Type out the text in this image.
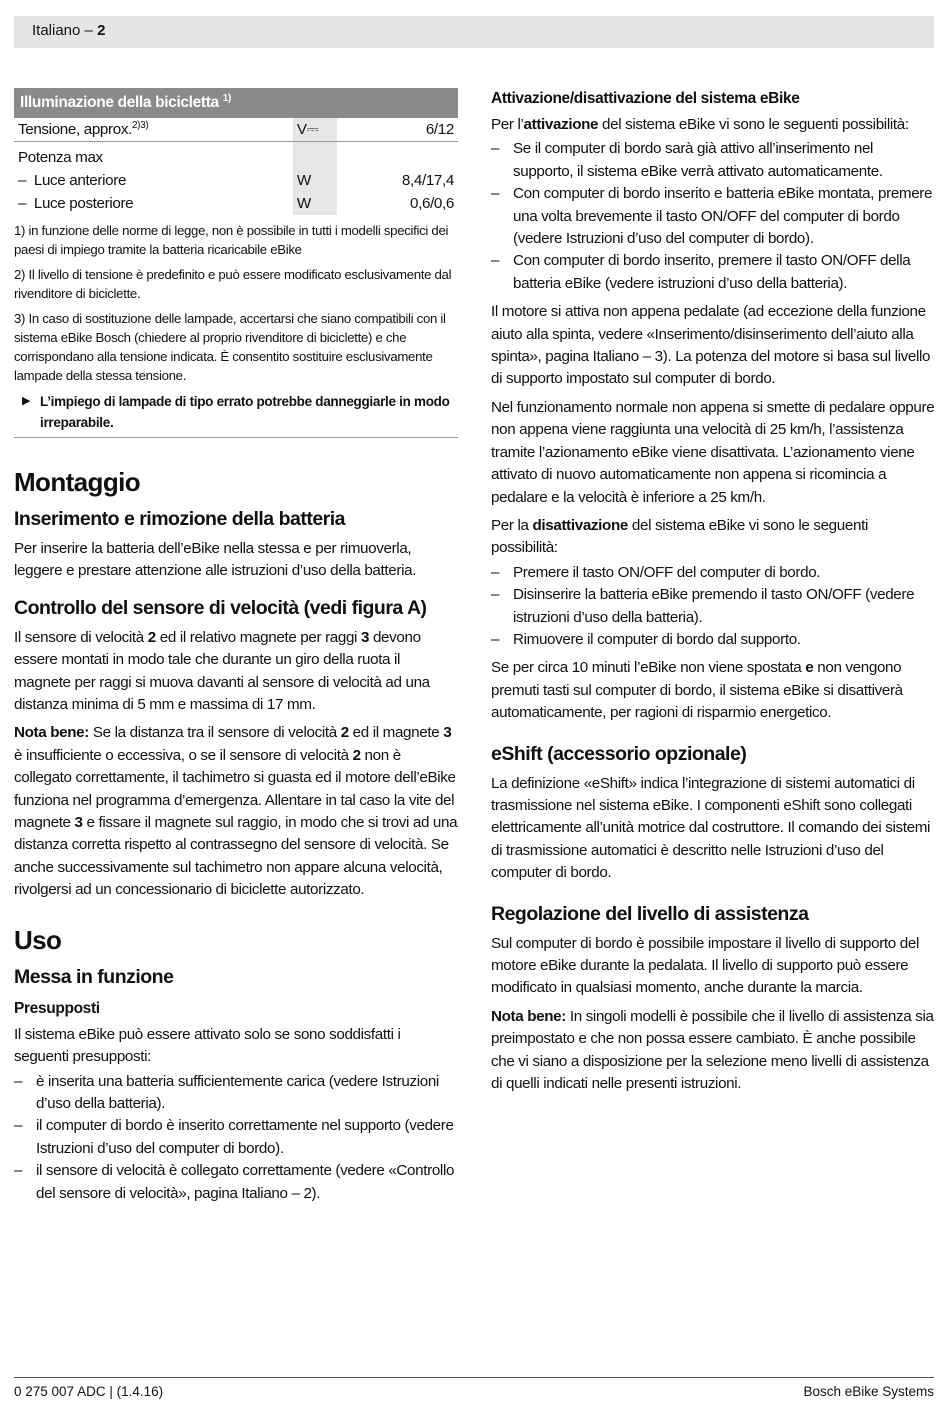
Italiano – 2
Illuminazione della bicicletta $^{1)}$
Tensione, approx.$^{2)3)}$	V⎓	6/12
Potenza max		
–  Luce anteriore	W	8,4/17,4
–  Luce posteriore	W	0,6/0,6
1) in funzione delle norme di legge, non è possibile in tutti i modelli specifici dei paesi di impiego tramite la batteria ricaricabile eBike
2) Il livello di tensione è predefinito e può essere modificato esclusivamente dal rivenditore di biciclette.
3) In caso di sostituzione delle lampade, accertarsi che siano compatibili con il sistema eBike Bosch (chiedere al proprio rivenditore di biciclette) e che corrispondano alla tensione indicata. È consentito sostituire esclusivamente lampade della stessa tensione.
▶ L’impiego di lampade di tipo errato potrebbe danneggiarle in modo irreparabile.
Montaggio
Inserimento e rimozione della batteria

Per inserire la batteria dell’eBike nella stessa e per rimuoverla, leggere e prestare attenzione alle istruzioni d’uso della batteria.

Controllo del sensore di velocità (vedi figura A)

Il sensore di velocità 2 ed il relativo magnete per raggi 3 devono essere montati in modo tale che durante un giro della ruota il magnete per raggi si muova davanti al sensore di velocità ad una distanza minima di 5 mm e massima di 17 mm.

Nota bene: Se la distanza tra il sensore di velocità 2 ed il magnete 3 è insufficiente o eccessiva, o se il sensore di velocità 2 non è collegato correttamente, il tachimetro si guasta ed il motore dell’eBike funziona nel programma d’emergenza. Allentare in tal caso la vite del magnete 3 e fissare il magnete sul raggio, in modo che si trovi ad una distanza corretta rispetto al contrassegno del sensore di velocità. Se anche successivamente sul tachimetro non appare alcuna velocità, rivolgersi ad un concessionario di biciclette autorizzato.

Uso
Messa in funzione
Presupposti

Il sistema eBike può essere attivato solo se sono soddisfatti i seguenti presupposti:

– è inserita una batteria sufficientemente carica (vedere Istruzioni d’uso della batteria).
– il computer di bordo è inserito correttamente nel supporto (vedere Istruzioni d’uso del computer di bordo).
– il sensore di velocità è collegato correttamente (vedere «Controllo del sensore di velocità», pagina Italiano – 2).
Attivazione/disattivazione del sistema eBike

Per l’attivazione del sistema eBike vi sono le seguenti possibilità:

– Se il computer di bordo sarà già attivo all’inserimento nel supporto, il sistema eBike verrà attivato automaticamente.
– Con computer di bordo inserito e batteria eBike montata, premere una volta brevemente il tasto ON/OFF del computer di bordo (vedere Istruzioni d’uso del computer di bordo).
– Con computer di bordo inserito, premere il tasto ON/OFF della batteria eBike (vedere istruzioni d’uso della batteria).

Il motore si attiva non appena pedalate (ad eccezione della funzione aiuto alla spinta, vedere «Inserimento/disinserimento dell’aiuto alla spinta», pagina Italiano – 3). La potenza del motore si basa sul livello di supporto impostato sul computer di bordo.

Nel funzionamento normale non appena si smette di pedalare oppure non appena viene raggiunta una velocità di 25 km/h, l’assistenza tramite l’azionamento eBike viene disattivata. L’azionamento viene attivato di nuovo automaticamente non appena si ricomincia a pedalare e la velocità è inferiore a 25 km/h.

Per la disattivazione del sistema eBike vi sono le seguenti possibilità:

– Premere il tasto ON/OFF del computer di bordo.
– Disinserire la batteria eBike premendo il tasto ON/OFF (vedere istruzioni d’uso della batteria).
– Rimuovere il computer di bordo dal supporto.

Se per circa 10 minuti l’eBike non viene spostata e non vengono premuti tasti sul computer di bordo, il sistema eBike si disattiverà automaticamente, per ragioni di risparmio energetico.

eShift (accessorio opzionale)

La definizione «eShift» indica l’integrazione di sistemi automatici di trasmissione nel sistema eBike. I componenti eShift sono collegati elettricamente all’unità motrice dal costruttore. Il comando dei sistemi di trasmissione automatici è descritto nelle Istruzioni d’uso del computer di bordo.

Regolazione del livello di assistenza

Sul computer di bordo è possibile impostare il livello di supporto del motore eBike durante la pedalata. Il livello di supporto può essere modificato in qualsiasi momento, anche durante la marcia.

Nota bene: In singoli modelli è possibile che il livello di assistenza sia preimpostato e che non possa essere cambiato. È anche possibile che vi siano a disposizione per la selezione meno livelli di assistenza di quelli indicati nelle presenti istruzioni.

0 275 007 ADC | (1.4.16)	Bosch eBike Systems
